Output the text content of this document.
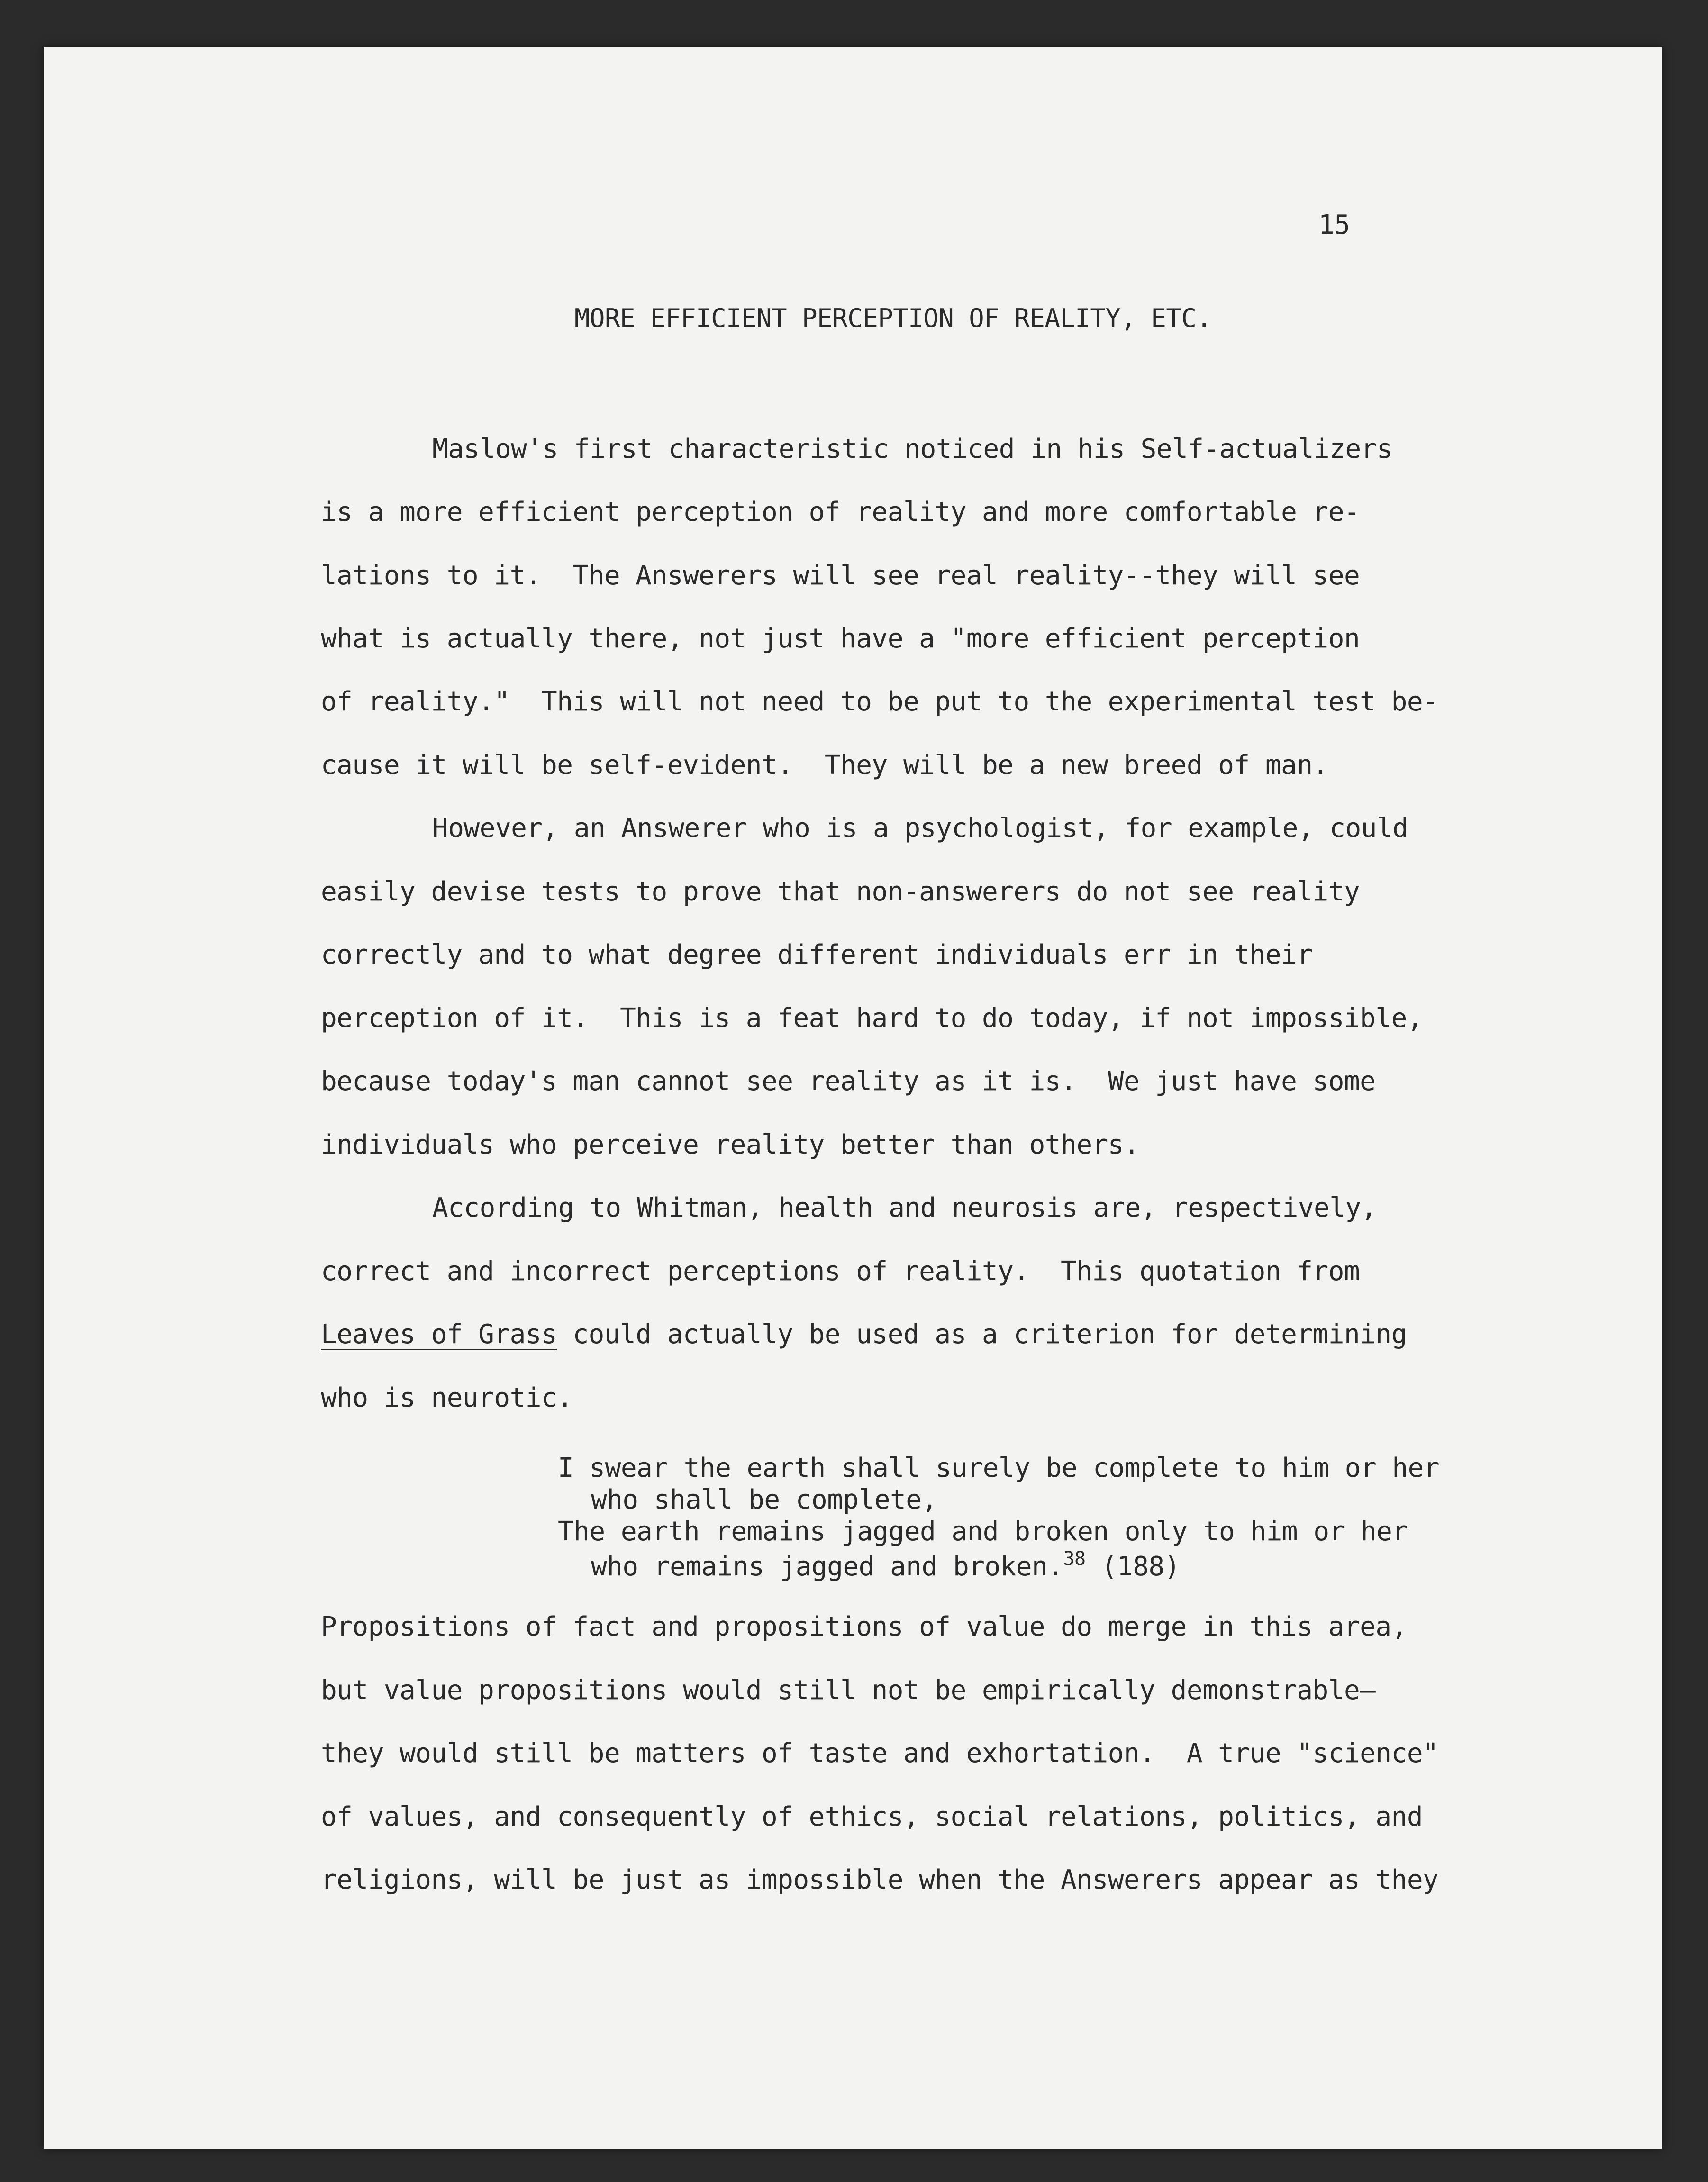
15
MORE EFFICIENT PERCEPTION OF REALITY, ETC.
Maslow's first characteristic noticed in his Self-actualizers
is a more efficient perception of reality and more comfortable re-
lations to it.  The Answerers will see real reality--they will see
what is actually there, not just have a "more efficient perception
of reality."  This will not need to be put to the experimental test be-
cause it will be self-evident.  They will be a new breed of man.
However, an Answerer who is a psychologist, for example, could
easily devise tests to prove that non-answerers do not see reality
correctly and to what degree different individuals err in their
perception of it.  This is a feat hard to do today, if not impossible,
because today's man cannot see reality as it is.  We just have some
individuals who perceive reality better than others.
According to Whitman, health and neurosis are, respectively,
correct and incorrect perceptions of reality.  This quotation from
Leaves of Grass could actually be used as a criterion for determining
who is neurotic.
I swear the earth shall surely be complete to him or her
who shall be complete,
The earth remains jagged and broken only to him or her
who remains jagged and broken.$^{38}$ (188)
Propositions of fact and propositions of value do merge in this area,
but value propositions would still not be empirically demonstrable—
they would still be matters of taste and exhortation.  A true "science"
of values, and consequently of ethics, social relations, politics, and
religions, will be just as impossible when the Answerers appear as they
